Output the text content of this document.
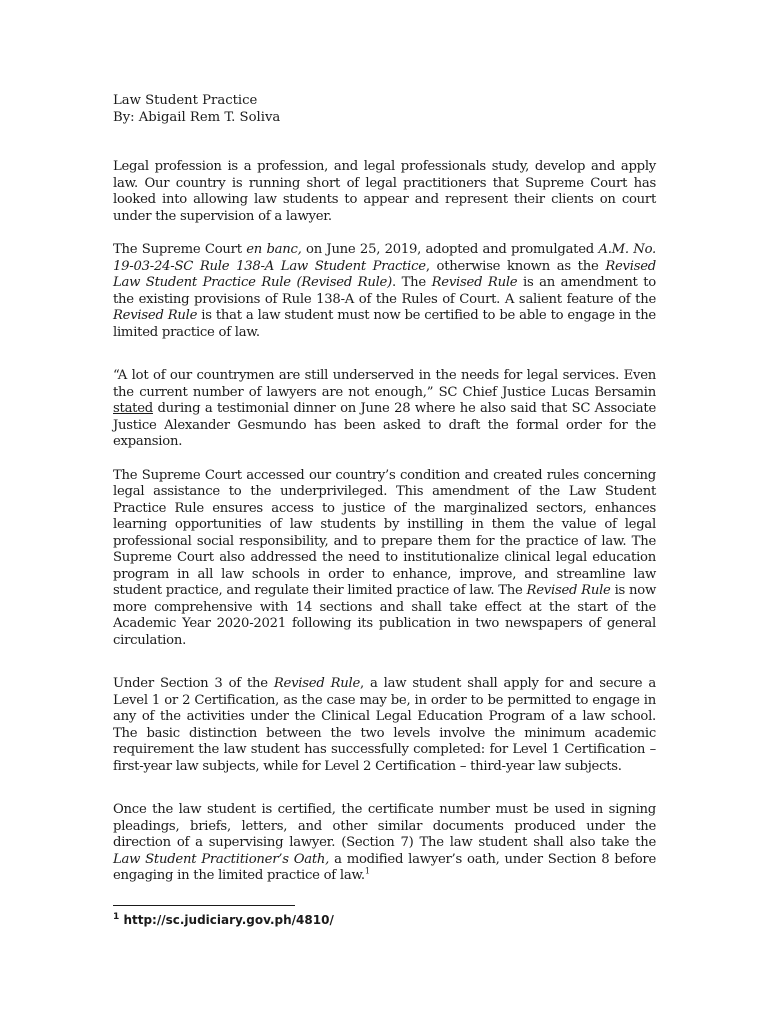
Law Student Practice

By: Abigail Rem T. Soliva

Legal profession is a profession, and legal professionals study, develop and apply law. Our country is running short of legal practitioners that Supreme Court has looked into allowing law students to appear and represent their clients on court under the supervision of a lawyer.

The Supreme Court en banc, on June 25, 2019, adopted and promulgated A.M. No. 19-03-24-SC Rule 138-A Law Student Practice, otherwise known as the Revised Law Student Practice Rule (Revised Rule). The Revised Rule is an amendment to the existing provisions of Rule 138-A of the Rules of Court. A salient feature of the Revised Rule is that a law student must now be certified to be able to engage in the limited practice of law.

“A lot of our countrymen are still underserved in the needs for legal services. Even the current number of lawyers are not enough,” SC Chief Justice Lucas Bersamin stated during a testimonial dinner on June 28 where he also said that SC Associate Justice Alexander Gesmundo has been asked to draft the formal order for the expansion.

The Supreme Court accessed our country’s condition and created rules concerning legal assistance to the underprivileged. This amendment of the Law Student Practice Rule ensures access to justice of the marginalized sectors, enhances learning opportunities of law students by instilling in them the value of legal professional social responsibility, and to prepare them for the practice of law. The Supreme Court also addressed the need to institutionalize clinical legal education program in all law schools in order to enhance, improve, and streamline law student practice, and regulate their limited practice of law. The Revised Rule is now more comprehensive with 14 sections and shall take effect at the start of the Academic Year 2020-2021 following its publication in two newspapers of general circulation.

Under Section 3 of the Revised Rule, a law student shall apply for and secure a Level 1 or 2 Certification, as the case may be, in order to be permitted to engage in any of the activities under the Clinical Legal Education Program of a law school. The basic distinction between the two levels involve the minimum academic requirement the law student has successfully completed: for Level 1 Certification – first-year law subjects, while for Level 2 Certification – third-year law subjects.

Once the law student is certified, the certificate number must be used in signing pleadings, briefs, letters, and other similar documents produced under the direction of a supervising lawyer. (Section 7) The law student shall also take the Law Student Practitioner’s Oath, a modified lawyer’s oath, under Section 8 before engaging in the limited practice of law.$^1$

$^1$ http://sc.judiciary.gov.ph/4810/
